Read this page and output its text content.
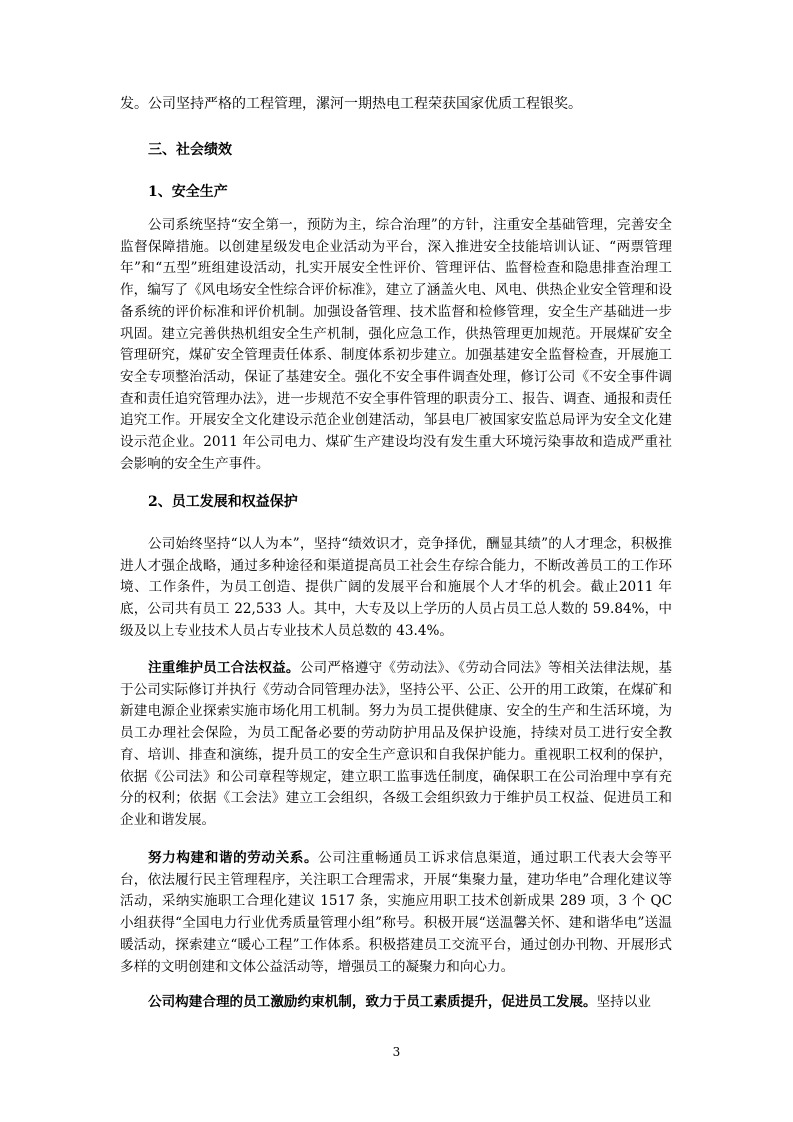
发。公司坚持严格的工程管理，漯河一期热电工程荣获国家优质工程银奖。
三、社会绩效
1、安全生产

公司系统坚持“安全第一，预防为主，综合治理”的方针，注重安全基础管理，完善安全监督保障措施。以创建星级发电企业活动为平台，深入推进安全技能培训认证、“两票管理年”和“五型”班组建设活动，扎实开展安全性评价、管理评估、监督检查和隐患排查治理工作，编写了《风电场安全性综合评价标准》，建立了涵盖火电、风电、供热企业安全管理和设备系统的评价标准和评价机制。加强设备管理、技术监督和检修管理，安全生产基础进一步巩固。建立完善供热机组安全生产机制，强化应急工作，供热管理更加规范。开展煤矿安全管理研究，煤矿安全管理责任体系、制度体系初步建立。加强基建安全监督检查，开展施工安全专项整治活动，保证了基建安全。强化不安全事件调查处理，修订公司《不安全事件调查和责任追究管理办法》，进一步规范不安全事件管理的职责分工、报告、调查、通报和责任追究工作。开展安全文化建设示范企业创建活动，邹县电厂被国家安监总局评为安全文化建设示范企业。2011 年公司电力、煤矿生产建设均没有发生重大环境污染事故和造成严重社会影响的安全生产事件。

2、员工发展和权益保护

公司始终坚持“以人为本”，坚持“绩效识才，竞争择优，酬显其绩”的人才理念，积极推进人才强企战略，通过多种途径和渠道提高员工社会生存综合能力，不断改善员工的工作环境、工作条件，为员工创造、提供广阔的发展平台和施展个人才华的机会。截止2011 年底，公司共有员工 22,533 人。其中，大专及以上学历的人员占员工总人数的 59.84%，中级及以上专业技术人员占专业技术人员总数的 43.4%。

注重维护员工合法权益。公司严格遵守《劳动法》、《劳动合同法》等相关法律法规，基于公司实际修订并执行《劳动合同管理办法》，坚持公平、公正、公开的用工政策，在煤矿和新建电源企业探索实施市场化用工机制。努力为员工提供健康、安全的生产和生活环境，为员工办理社会保险，为员工配备必要的劳动防护用品及保护设施，持续对员工进行安全教育、培训、排查和演练，提升员工的安全生产意识和自我保护能力。重视职工权利的保护，依据《公司法》和公司章程等规定，建立职工监事选任制度，确保职工在公司治理中享有充分的权利；依据《工会法》建立工会组织，各级工会组织致力于维护员工权益、促进员工和企业和谐发展。

努力构建和谐的劳动关系。公司注重畅通员工诉求信息渠道，通过职工代表大会等平台，依法履行民主管理程序，关注职工合理需求，开展“集聚力量，建功华电”合理化建议等活动，采纳实施职工合理化建议 1517 条，实施应用职工技术创新成果 289 项，3 个 QC 小组获得“全国电力行业优秀质量管理小组”称号。积极开展“送温馨关怀、建和谐华电”送温暖活动，探索建立“暖心工程”工作体系。积极搭建员工交流平台，通过创办刊物、开展形式多样的文明创建和文体公益活动等，增强员工的凝聚力和向心力。

公司构建合理的员工激励约束机制，致力于员工素质提升，促进员工发展。坚持以业

3
